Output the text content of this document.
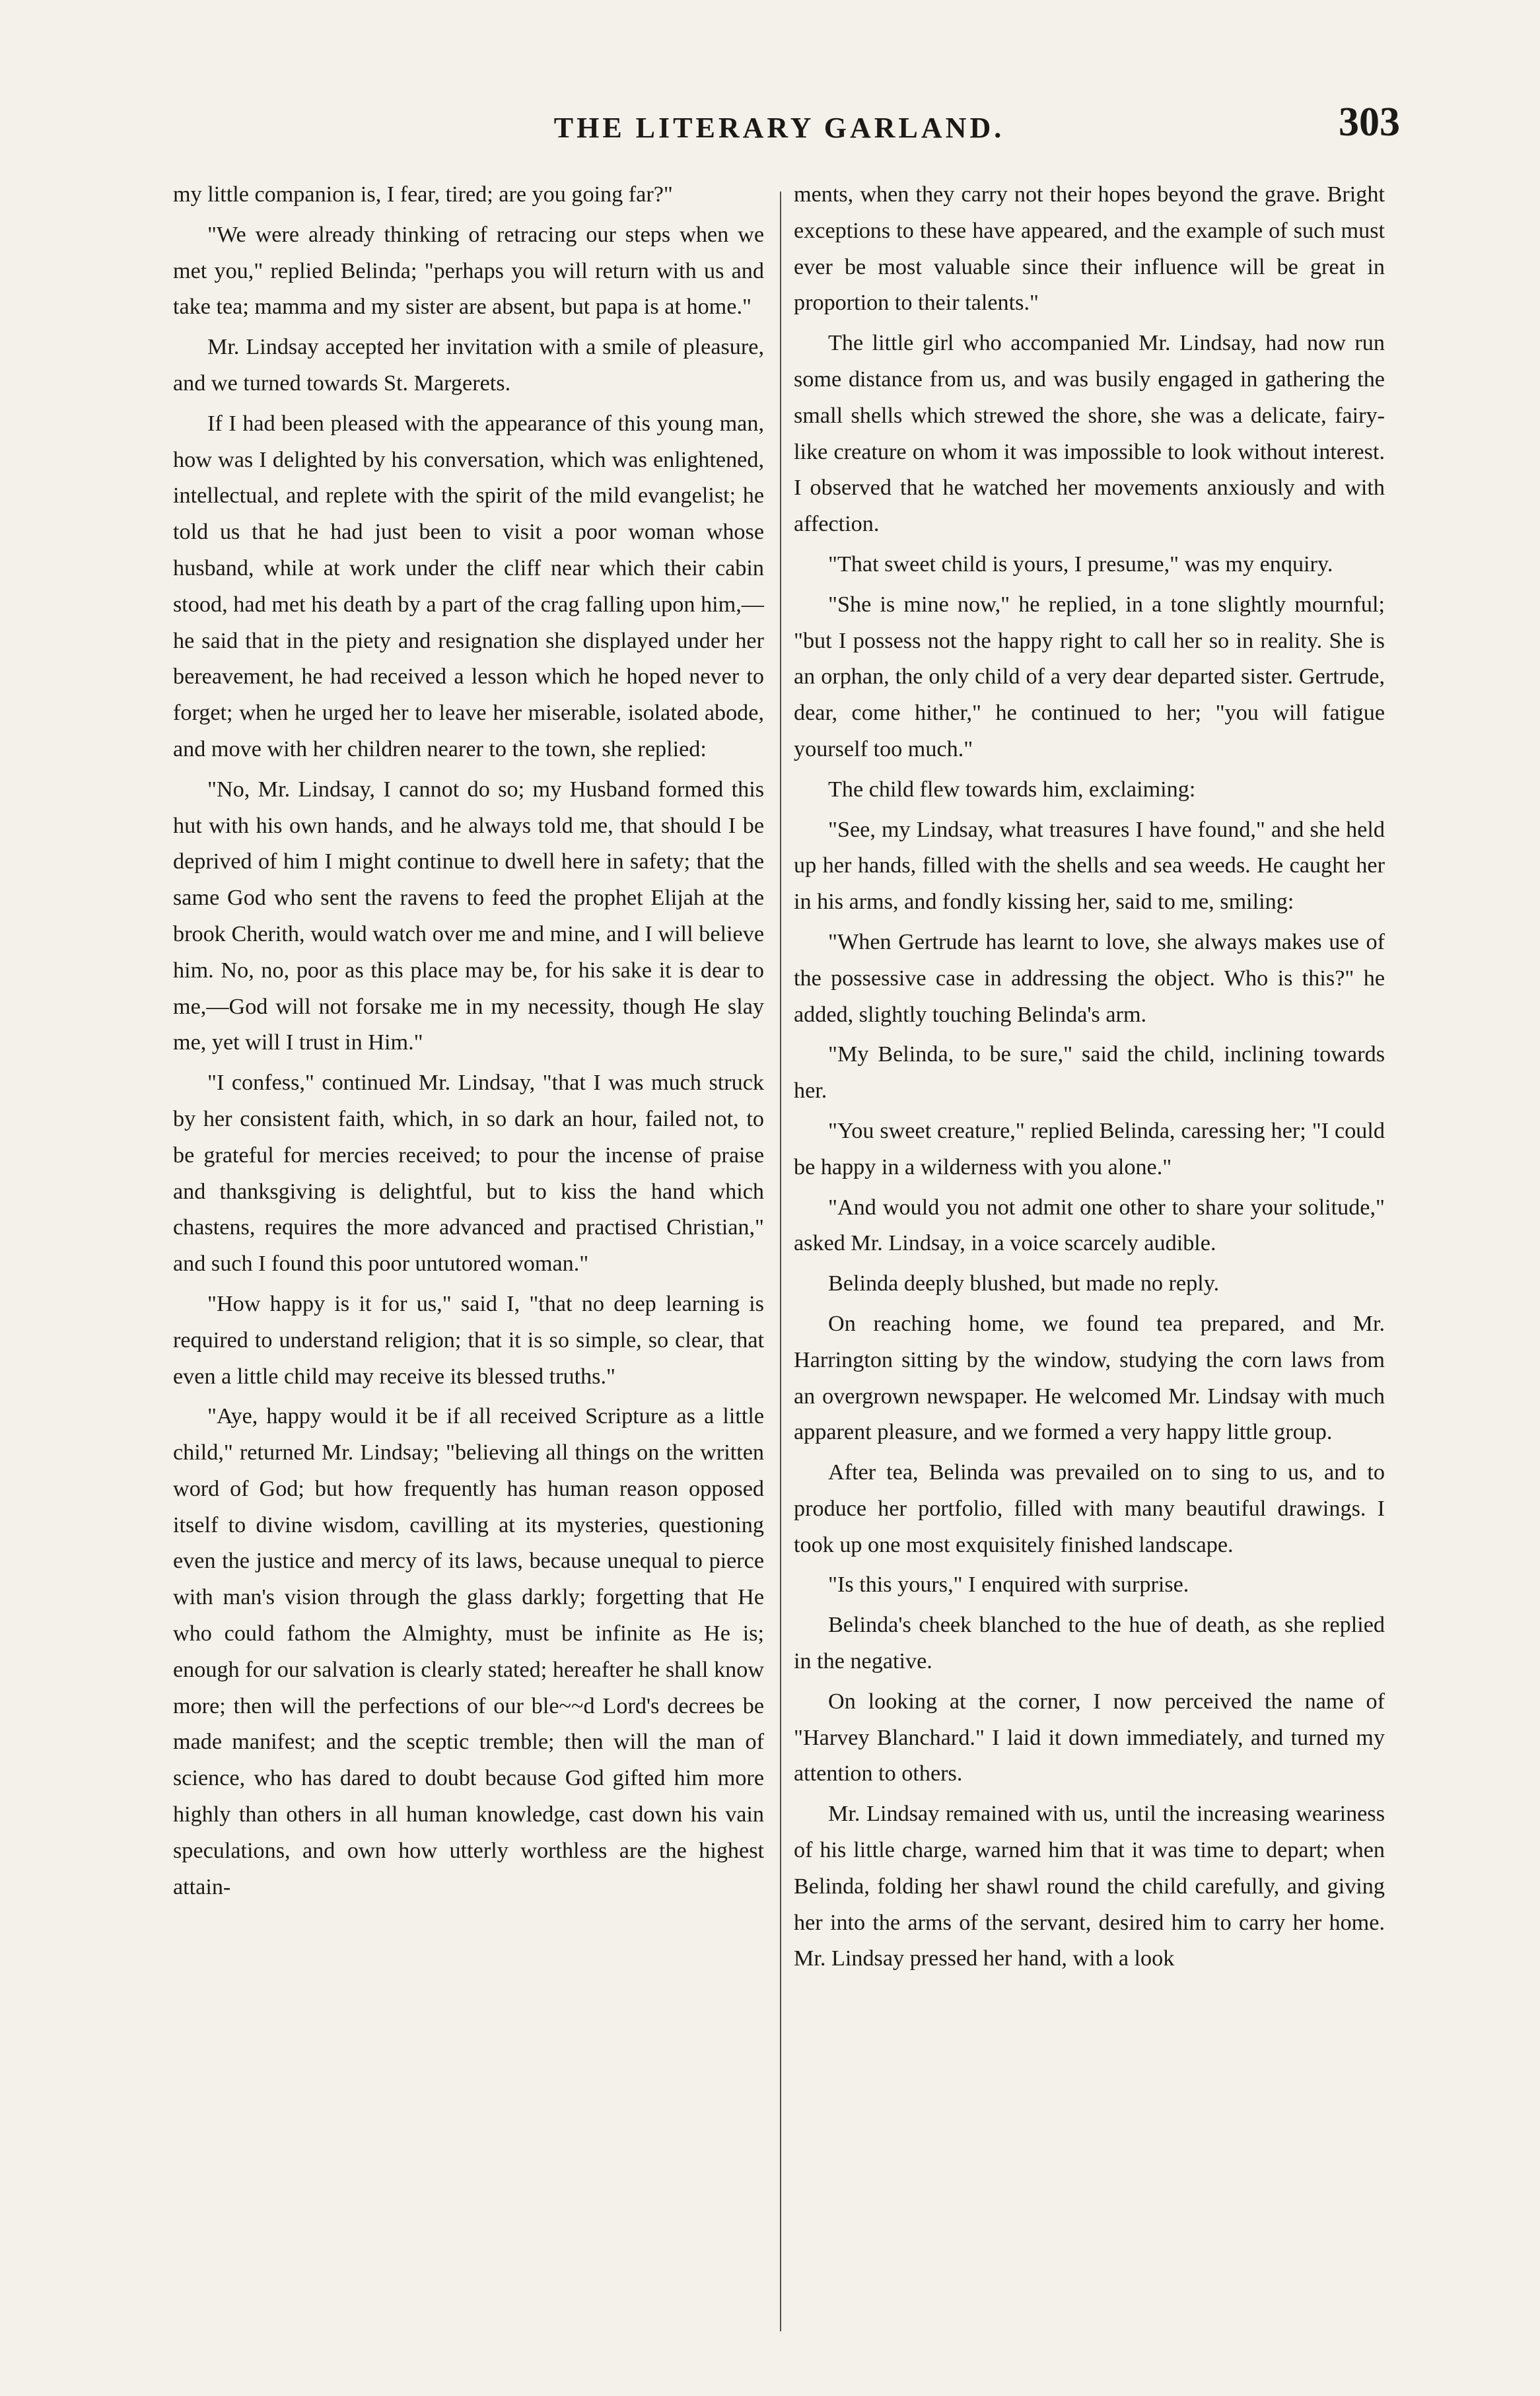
THE LITERARY GARLAND.	303

my little companion is, I fear, tired; are you going far?"

"We were already thinking of retracing our steps when we met you," replied Belinda; "perhaps you will return with us and take tea; mamma and my sister are absent, but papa is at home."

Mr. Lindsay accepted her invitation with a smile of pleasure, and we turned towards St. Margerets.

If I had been pleased with the appearance of this young man, how was I delighted by his conversation, which was enlightened, intellectual, and replete with the spirit of the mild evangelist; he told us that he had just been to visit a poor woman whose husband, while at work under the cliff near which their cabin stood, had met his death by a part of the crag falling upon him,—he said that in the piety and resignation she displayed under her bereavement, he had received a lesson which he hoped never to forget; when he urged her to leave her miserable, isolated abode, and move with her children nearer to the town, she replied:

"No, Mr. Lindsay, I cannot do so; my Husband formed this hut with his own hands, and he always told me, that should I be deprived of him I might continue to dwell here in safety; that the same God who sent the ravens to feed the prophet Elijah at the brook Cherith, would watch over me and mine, and I will believe him. No, no, poor as this place may be, for his sake it is dear to me,—God will not forsake me in my necessity, though He slay me, yet will I trust in Him."

"I confess," continued Mr. Lindsay, "that I was much struck by her consistent faith, which, in so dark an hour, failed not, to be grateful for mercies received; to pour the incense of praise and thanksgiving is delightful, but to kiss the hand which chastens, requires the more advanced and practised Christian," and such I found this poor untutored woman."

"How happy is it for us," said I, "that no deep learning is required to understand religion; that it is so simple, so clear, that even a little child may receive its blessed truths."

"Aye, happy would it be if all received Scripture as a little child," returned Mr. Lindsay; "believing all things on the written word of God; but how frequently has human reason opposed itself to divine wisdom, cavilling at its mysteries, questioning even the justice and mercy of its laws, because unequal to pierce with man's vision through the glass darkly; forgetting that He who could fathom the Almighty, must be infinite as He is; enough for our salvation is clearly stated; hereafter he shall know more; then will the perfections of our ble~~d Lord's decrees be made manifest; and the sceptic tremble; then will the man of science, who has dared to doubt because God gifted him more highly than others in all human knowledge, cast down his vain speculations, and own how utterly worthless are the highest attain-

ments, when they carry not their hopes beyond the grave. Bright exceptions to these have appeared, and the example of such must ever be most valuable since their influence will be great in proportion to their talents."

The little girl who accompanied Mr. Lindsay, had now run some distance from us, and was busily engaged in gathering the small shells which strewed the shore, she was a delicate, fairy-like creature on whom it was impossible to look without interest. I observed that he watched her movements anxiously and with affection.

"That sweet child is yours, I presume," was my enquiry.

"She is mine now," he replied, in a tone slightly mournful; "but I possess not the happy right to call her so in reality. She is an orphan, the only child of a very dear departed sister. Gertrude, dear, come hither," he continued to her; "you will fatigue yourself too much."

The child flew towards him, exclaiming:

"See, my Lindsay, what treasures I have found," and she held up her hands, filled with the shells and sea weeds. He caught her in his arms, and fondly kissing her, said to me, smiling:

"When Gertrude has learnt to love, she always makes use of the possessive case in addressing the object. Who is this?" he added, slightly touching Belinda's arm.

"My Belinda, to be sure," said the child, inclining towards her.

"You sweet creature," replied Belinda, caressing her; "I could be happy in a wilderness with you alone."

"And would you not admit one other to share your solitude," asked Mr. Lindsay, in a voice scarcely audible.

Belinda deeply blushed, but made no reply.

On reaching home, we found tea prepared, and Mr. Harrington sitting by the window, studying the corn laws from an overgrown newspaper. He welcomed Mr. Lindsay with much apparent pleasure, and we formed a very happy little group.

After tea, Belinda was prevailed on to sing to us, and to produce her portfolio, filled with many beautiful drawings. I took up one most exquisitely finished landscape.

"Is this yours," I enquired with surprise.

Belinda's cheek blanched to the hue of death, as she replied in the negative.

On looking at the corner, I now perceived the name of "Harvey Blanchard." I laid it down immediately, and turned my attention to others.

Mr. Lindsay remained with us, until the increasing weariness of his little charge, warned him that it was time to depart; when Belinda, folding her shawl round the child carefully, and giving her into the arms of the servant, desired him to carry her home. Mr. Lindsay pressed her hand, with a look
